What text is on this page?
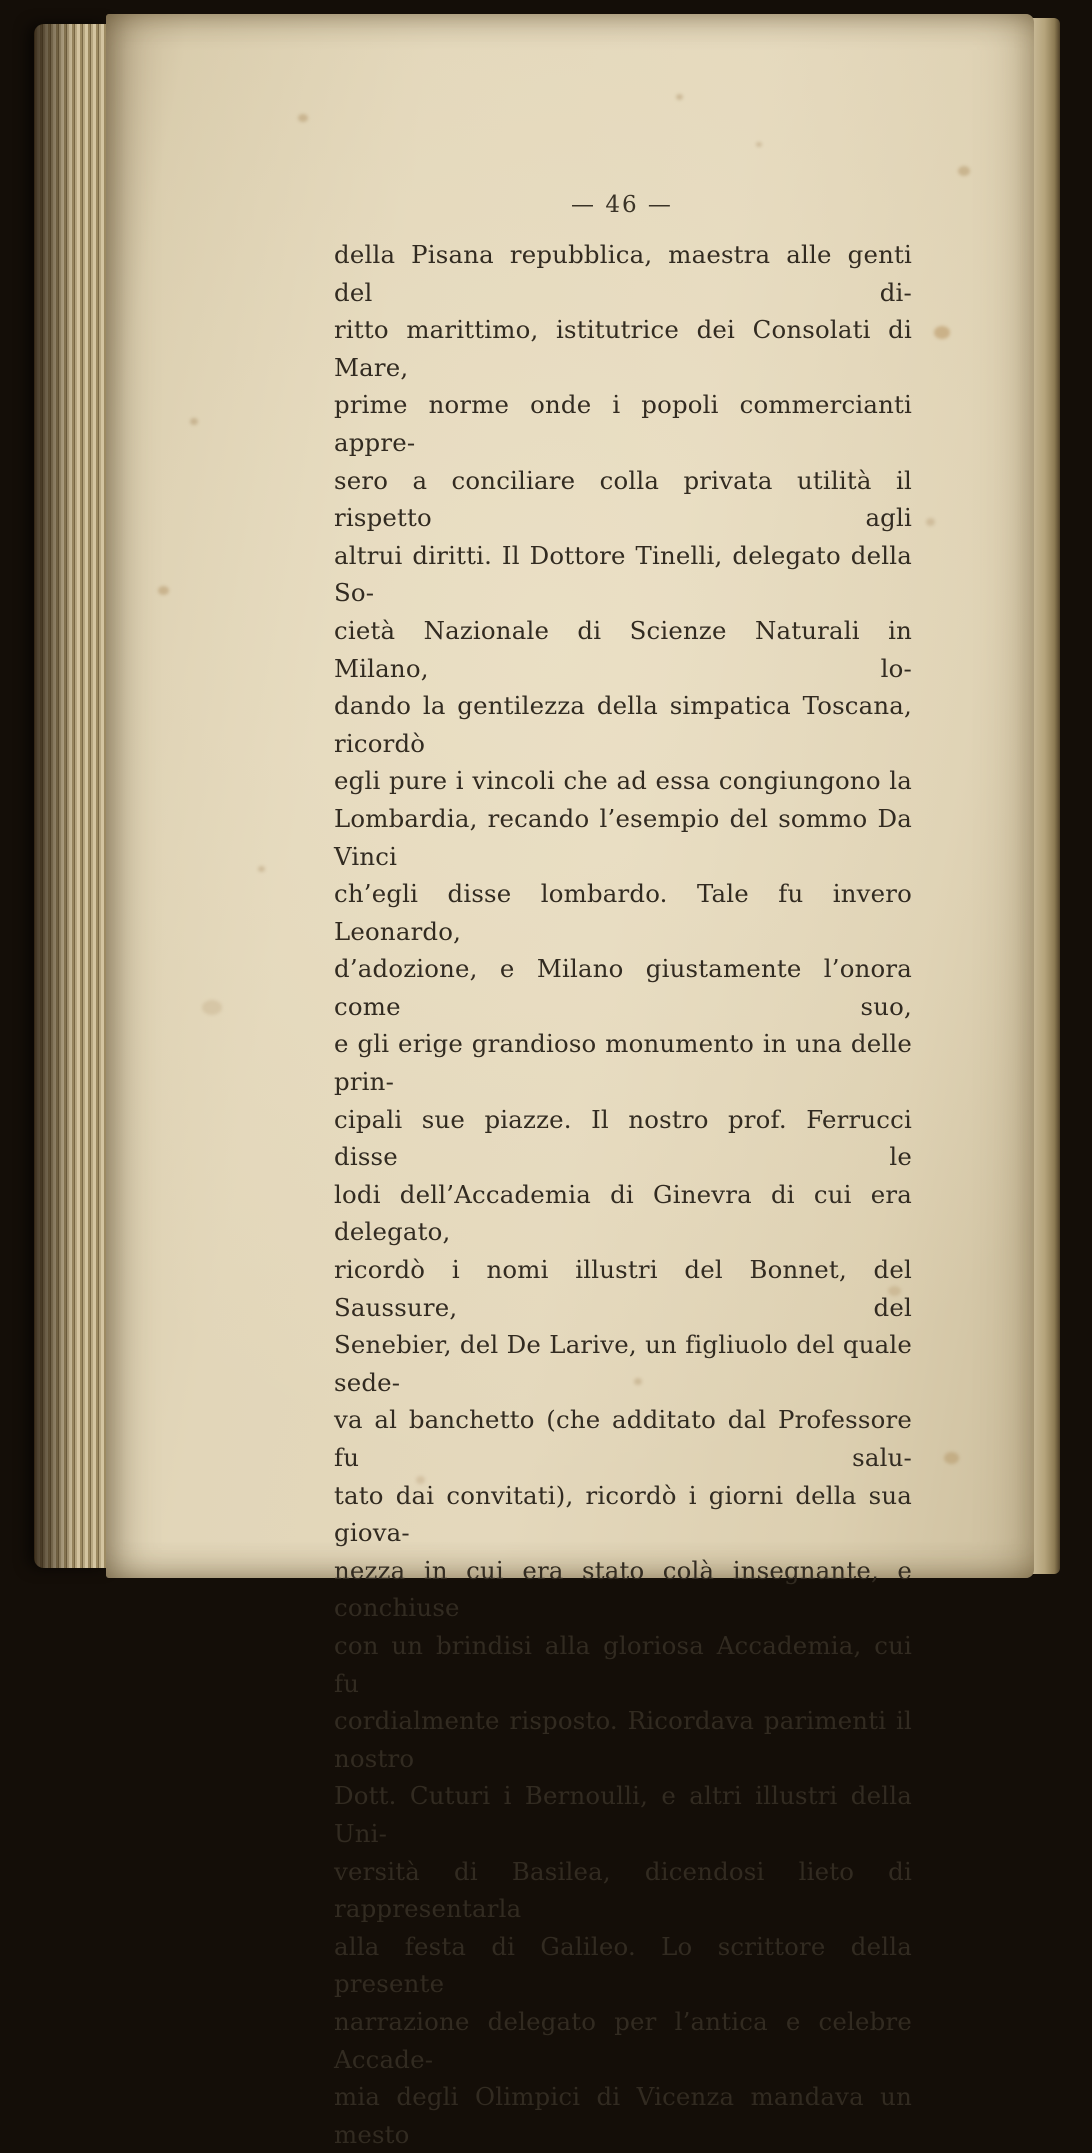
— 46 —
della Pisana repubblica, maestra alle genti del di-
ritto marittimo, istitutrice dei Consolati di Mare,
prime norme onde i popoli commercianti appre-
sero a conciliare colla privata utilità il rispetto agli
altrui diritti. Il Dottore Tinelli, delegato della So-
cietà Nazionale di Scienze Naturali in Milano, lo-
dando la gentilezza della simpatica Toscana, ricordò
egli pure i vincoli che ad essa congiungono la
Lombardia, recando l’esempio del sommo Da Vinci
ch’egli disse lombardo. Tale fu invero Leonardo,
d’adozione, e Milano giustamente l’onora come suo,
e gli erige grandioso monumento in una delle prin-
cipali sue piazze. Il nostro prof. Ferrucci disse le
lodi dell’Accademia di Ginevra di cui era delegato,
ricordò i nomi illustri del Bonnet, del Saussure, del
Senebier, del De Larive, un figliuolo del quale sede-
va al banchetto (che additato dal Professore fu salu-
tato dai convitati), ricordò i giorni della sua giova-
nezza in cui era stato colà insegnante, e conchiuse
con un brindisi alla gloriosa Accademia, cui fu
cordialmente risposto. Ricordava parimenti il nostro
Dott. Cuturi i Bernoulli, e altri illustri della Uni-
versità di Basilea, dicendosi lieto di rappresentarla
alla festa di Galileo. Lo scrittore della presente
narrazione delegato per l’antica e celebre Accade-
mia degli Olimpici di Vicenza mandava un mesto
